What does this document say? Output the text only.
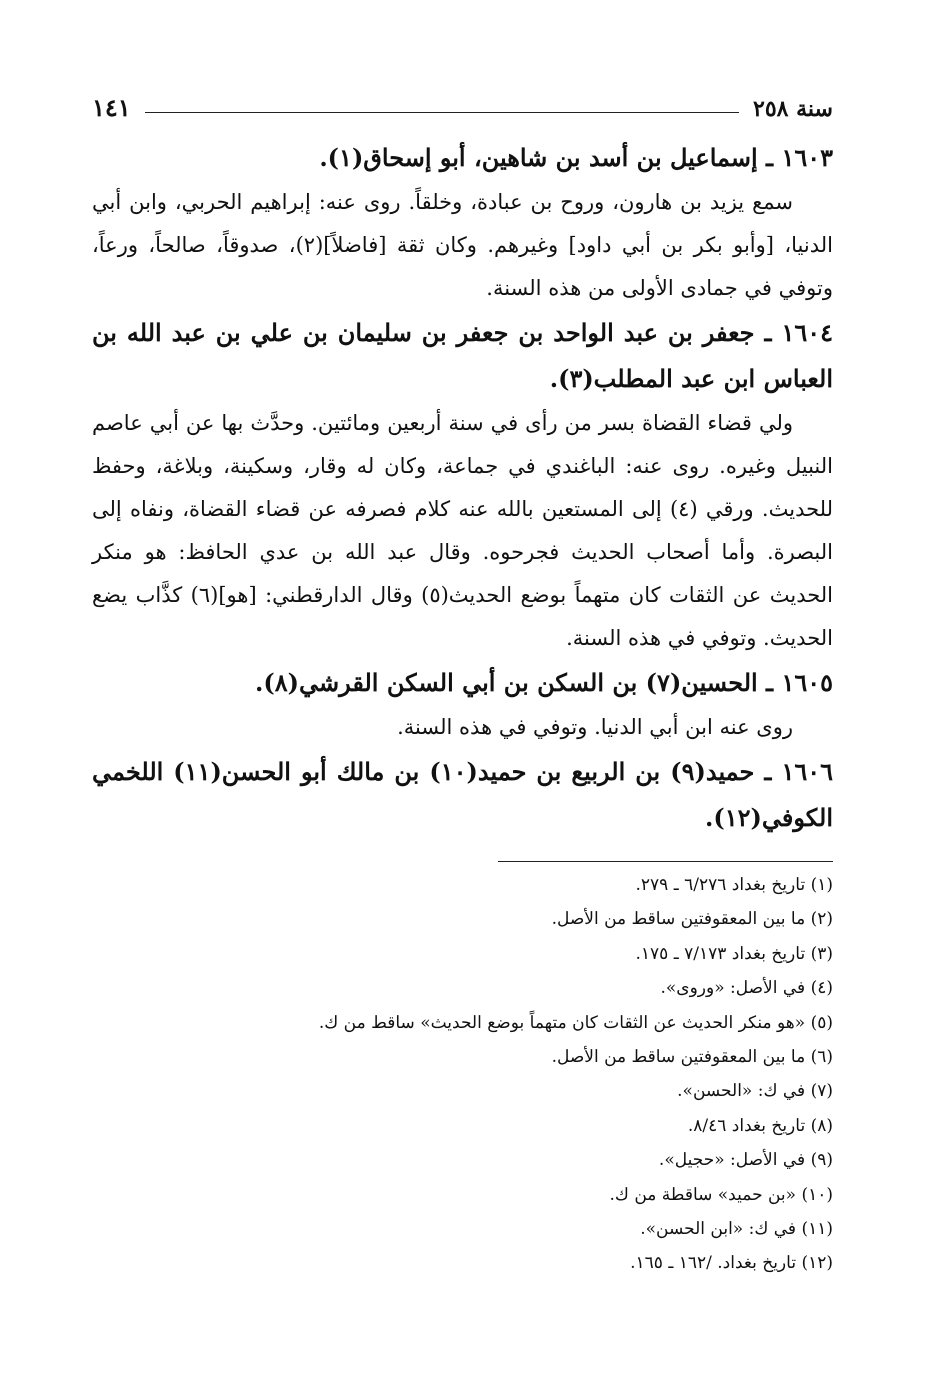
١٤١	سنة ٢٥٨

١٦٠٣ ـ إسماعيل بن أسد بن شاهين، أبو إسحاق(١).

سمع يزيد بن هارون، وروح بن عبادة، وخلقاً. روى عنه: إبراهيم الحربي، وابن أبي الدنيا، [وأبو بكر بن أبي داود] وغيرهم. وكان ثقة [فاضلاً](٢)، صدوقاً، صالحاً، ورعاً، وتوفي في جمادى الأولى من هذه السنة.

١٦٠٤ ـ جعفر بن عبد الواحد بن جعفر بن سليمان بن علي بن عبد الله بن العباس ابن عبد المطلب(٣).

ولي قضاء القضاة بسر من رأى في سنة أربعين ومائتين. وحدَّث بها عن أبي عاصم النبيل وغيره. روى عنه: الباغندي في جماعة، وكان له وقار، وسكينة، وبلاغة، وحفظ للحديث. ورقي (٤) إلى المستعين بالله عنه كلام فصرفه عن قضاء القضاة، ونفاه إلى البصرة. وأما أصحاب الحديث فجرحوه. وقال عبد الله بن عدي الحافظ: هو منكر الحديث عن الثقات كان متهماً بوضع الحديث(٥) وقال الدارقطني: [هو](٦) كذَّاب يضع الحديث. وتوفي في هذه السنة.

١٦٠٥ ـ الحسين(٧) بن السكن بن أبي السكن القرشي(٨).

روى عنه ابن أبي الدنيا. وتوفي في هذه السنة.

١٦٠٦ ـ حميد(٩) بن الربيع بن حميد(١٠) بن مالك أبو الحسن(١١) اللخمي الكوفي(١٢).

(١) تاريخ بغداد ٦/٢٧٦ ـ ٢٧٩.
(٢) ما بين المعقوفتين ساقط من الأصل.
(٣) تاريخ بغداد ٧/١٧٣ ـ ١٧٥.
(٤) في الأصل: «وروى».
(٥) «هو منكر الحديث عن الثقات كان متهماً بوضع الحديث» ساقط من ك.
(٦) ما بين المعقوفتين ساقط من الأصل.
(٧) في ك: «الحسن».
(٨) تاريخ بغداد ٨/٤٦.
(٩) في الأصل: «حجيل».
(١٠) «بن حميد» ساقطة من ك.
(١١) في ك: «ابن الحسن».
(١٢) تاريخ بغداد. /١٦٢ ـ ١٦٥.
